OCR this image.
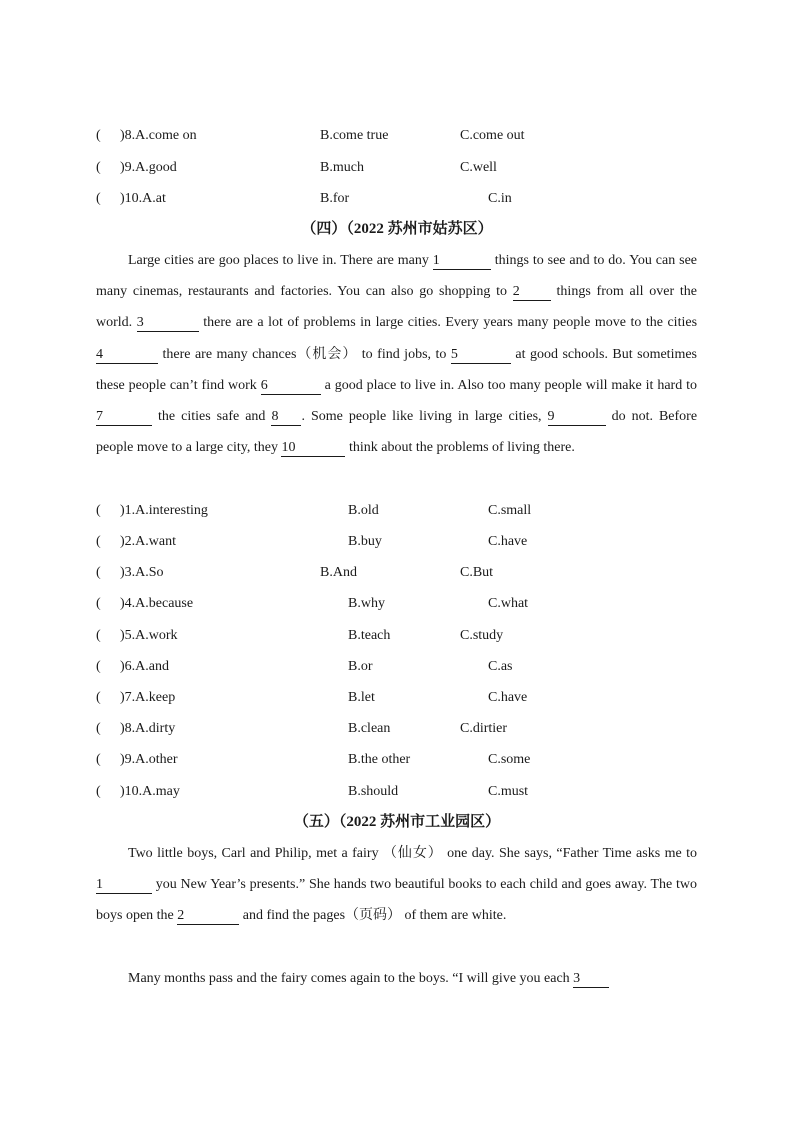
( )8.A.come on	B.come true	C.come out
( )9.A.good	B.much	C.well
( )10.A.at	B.for	C.in
（四）（2022 苏州市姑苏区）

Large cities are goo places to live in. There are many 1	things to see and to do. You can see many cinemas, restaurants and factories. You can also go shopping to 2	things from all over the world. 3	there are a lot of problems in large cities. Every years many people move to the cities 4	there are many chances（机会） to find jobs, to 5	at good schools. But sometimes these people can’t find work 6	a good place to live in. Also too many people will make it hard to 7	the cities safe and 8 . Some people like living in large cities, 9	do not. Before people move to a large city, they 10	think about the problems of living there.

( )1.A.interesting	B.old	C.small
( )2.A.want	B.buy	C.have
( )3.A.So	B.And	C.But
( )4.A.because	B.why	C.what
( )5.A.work	B.teach	C.study
( )6.A.and	B.or	C.as
( )7.A.keep	B.let	C.have
( )8.A.dirty	B.clean	C.dirtier
( )9.A.other	B.the other	C.some
( )10.A.may	B.should	C.must
（五）（2022 苏州市工业园区）

Two little boys, Carl and Philip, met a fairy （仙女） one day. She says, “Father Time asks me to 1	you New Year’s presents.” She hands two beautiful books to each child and goes away. The two boys open the 2	and find the pages（页码） of them are white.

Many months pass and the fairy comes again to the boys. “I will give you each 3
